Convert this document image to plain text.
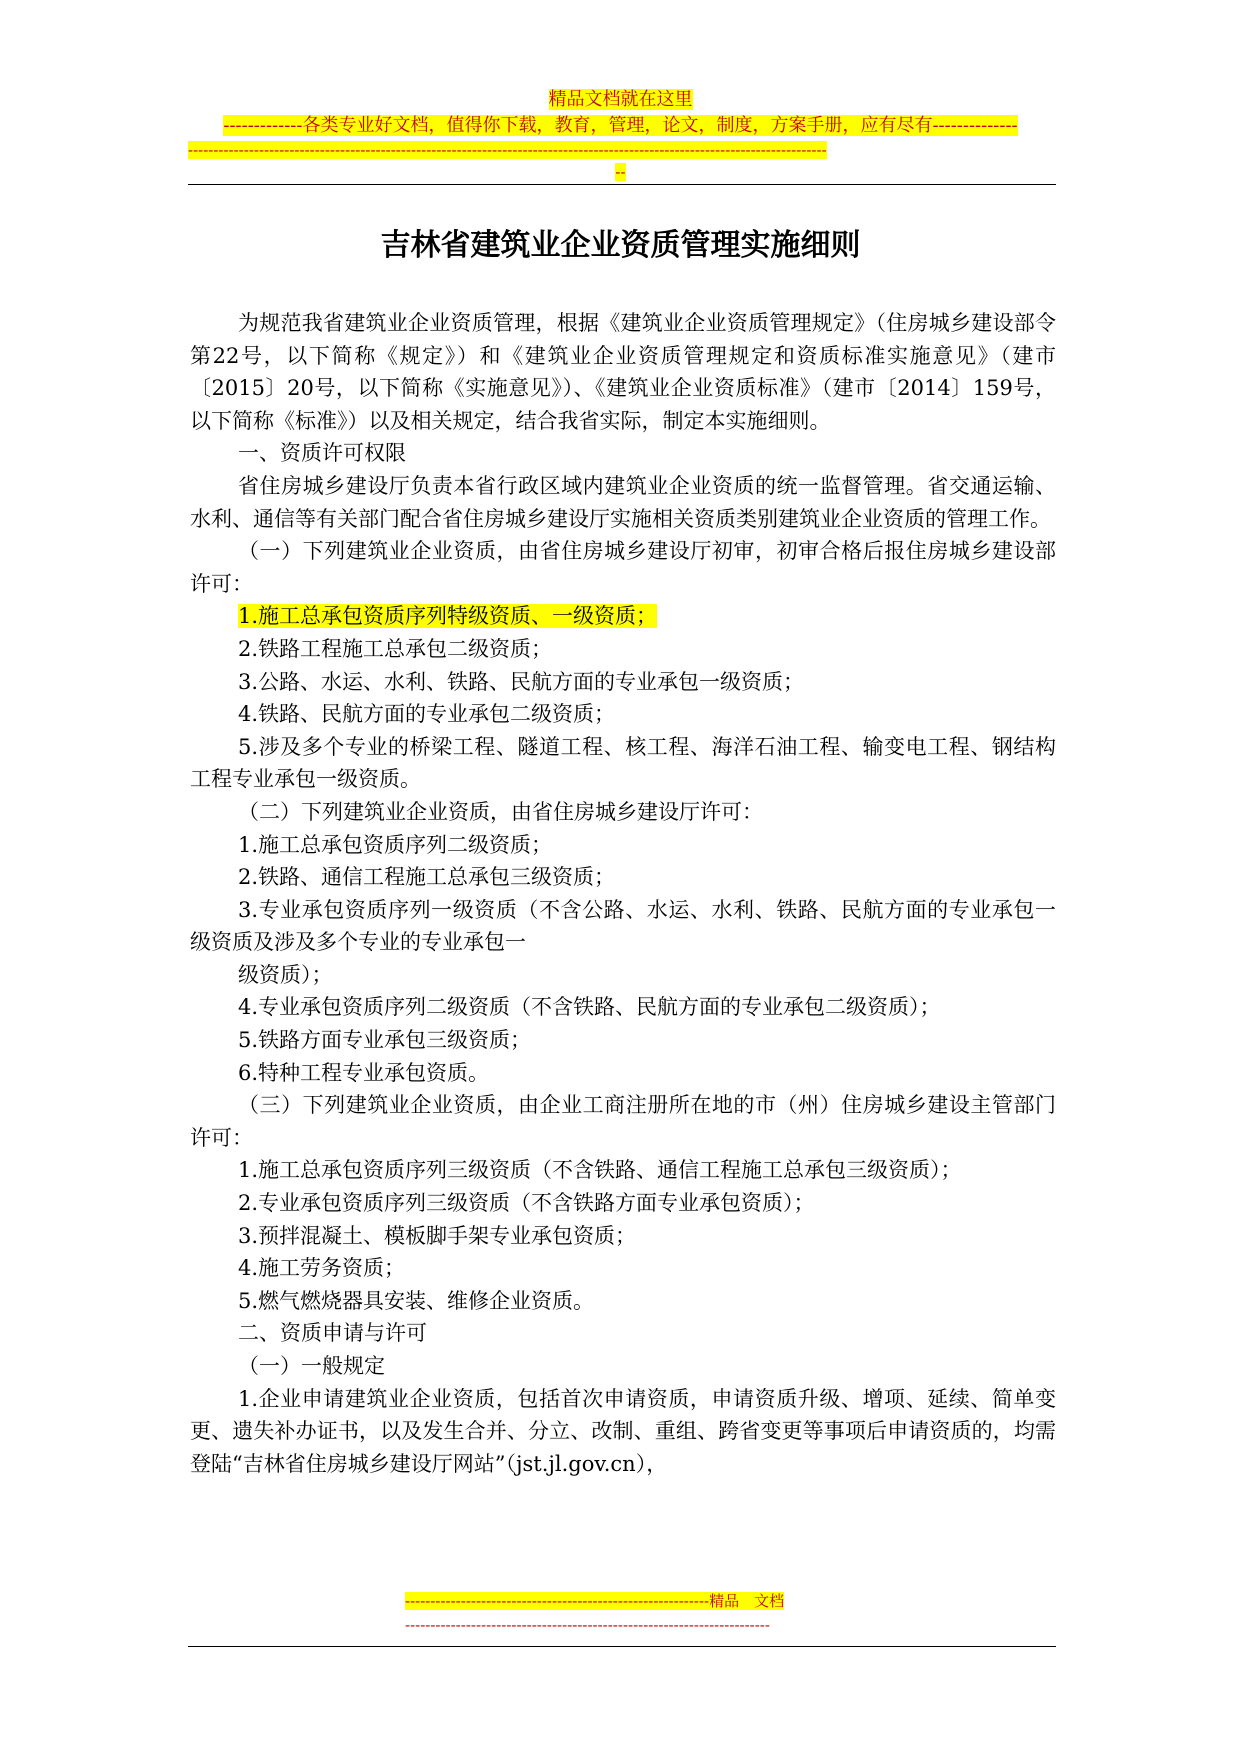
精品文档就在这里
-------------各类专业好文档，值得你下载，教育，管理，论文，制度，方案手册，应有尽有--------------
------------------------------------------------------------------------------------------------------------------------------
--
吉林省建筑业企业资质管理实施细则

为规范我省建筑业企业资质管理，根据《建筑业企业资质管理规定》（住房城乡建设部令第22号，以下简称《规定》）和《建筑业企业资质管理规定和资质标准实施意见》（建市〔2015〕20号，以下简称《实施意见》）、《建筑业企业资质标准》（建市〔2014〕159号，以下简称《标准》）以及相关规定，结合我省实际，制定本实施细则。

一、资质许可权限

省住房城乡建设厅负责本省行政区域内建筑业企业资质的统一监督管理。省交通运输、水利、通信等有关部门配合省住房城乡建设厅实施相关资质类别建筑业企业资质的管理工作。

（一）下列建筑业企业资质，由省住房城乡建设厅初审，初审合格后报住房城乡建设部许可：

1.施工总承包资质序列特级资质、一级资质；

2.铁路工程施工总承包二级资质；

3.公路、水运、水利、铁路、民航方面的专业承包一级资质；

4.铁路、民航方面的专业承包二级资质；

5.涉及多个专业的桥梁工程、隧道工程、核工程、海洋石油工程、输变电工程、钢结构工程专业承包一级资质。

（二）下列建筑业企业资质，由省住房城乡建设厅许可：

1.施工总承包资质序列二级资质；

2.铁路、通信工程施工总承包三级资质；

3.专业承包资质序列一级资质（不含公路、水运、水利、铁路、民航方面的专业承包一级资质及涉及多个专业的专业承包一

级资质）；

4.专业承包资质序列二级资质（不含铁路、民航方面的专业承包二级资质）；

5.铁路方面专业承包三级资质；

6.特种工程专业承包资质。

（三）下列建筑业企业资质，由企业工商注册所在地的市（州）住房城乡建设主管部门许可：

1.施工总承包资质序列三级资质（不含铁路、通信工程施工总承包三级资质）；

2.专业承包资质序列三级资质（不含铁路方面专业承包资质）；

3.预拌混凝土、模板脚手架专业承包资质；

4.施工劳务资质；

5.燃气燃烧器具安装、维修企业资质。

二、资质申请与许可

（一）一般规定

1.企业申请建筑业企业资质，包括首次申请资质，申请资质升级、增项、延续、简单变更、遗失补办证书，以及发生合并、分立、改制、重组、跨省变更等事项后申请资质的，均需登陆“吉林省住房城乡建设厅网站”（jst.jl.gov.cn），

------------------------------------------------------------精品　文档
------------------------------------------------------------------------
